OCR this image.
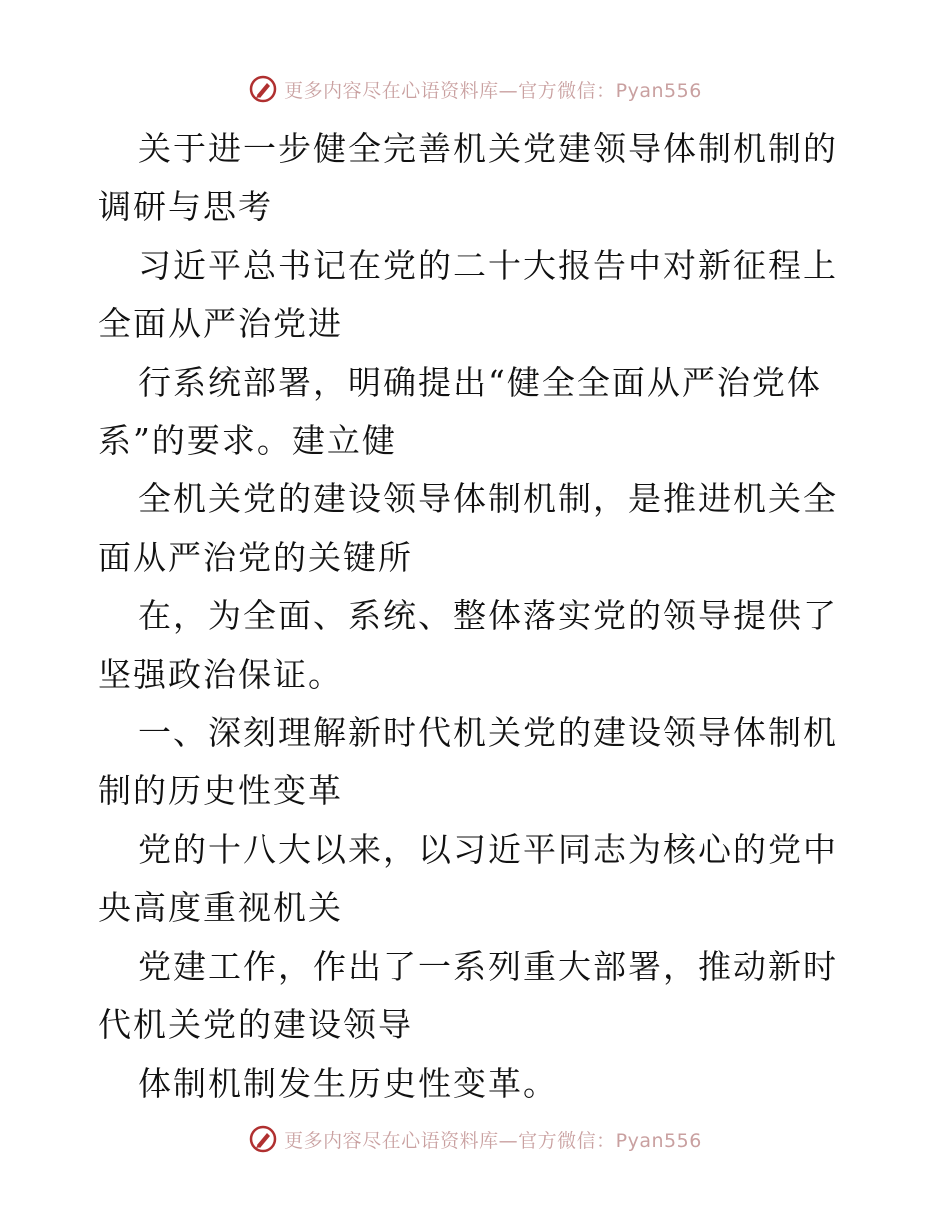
更多内容尽在心语资料库—官方微信：Pyan556

关于进一步健全完善机关党建领导体制机制的调研与思考

习近平总书记在党的二十大报告中对新征程上全面从严治党进

行系统部署，明确提出“健全全面从严治党体系”的要求。建立健

全机关党的建设领导体制机制，是推进机关全面从严治党的关键所

在，为全面、系统、整体落实党的领导提供了坚强政治保证。

一、深刻理解新时代机关党的建设领导体制机制的历史性变革

党的十八大以来，以习近平同志为核心的党中央高度重视机关

党建工作，作出了一系列重大部署，推动新时代机关党的建设领导

体制机制发生历史性变革。

更多内容尽在心语资料库—官方微信：Pyan556
